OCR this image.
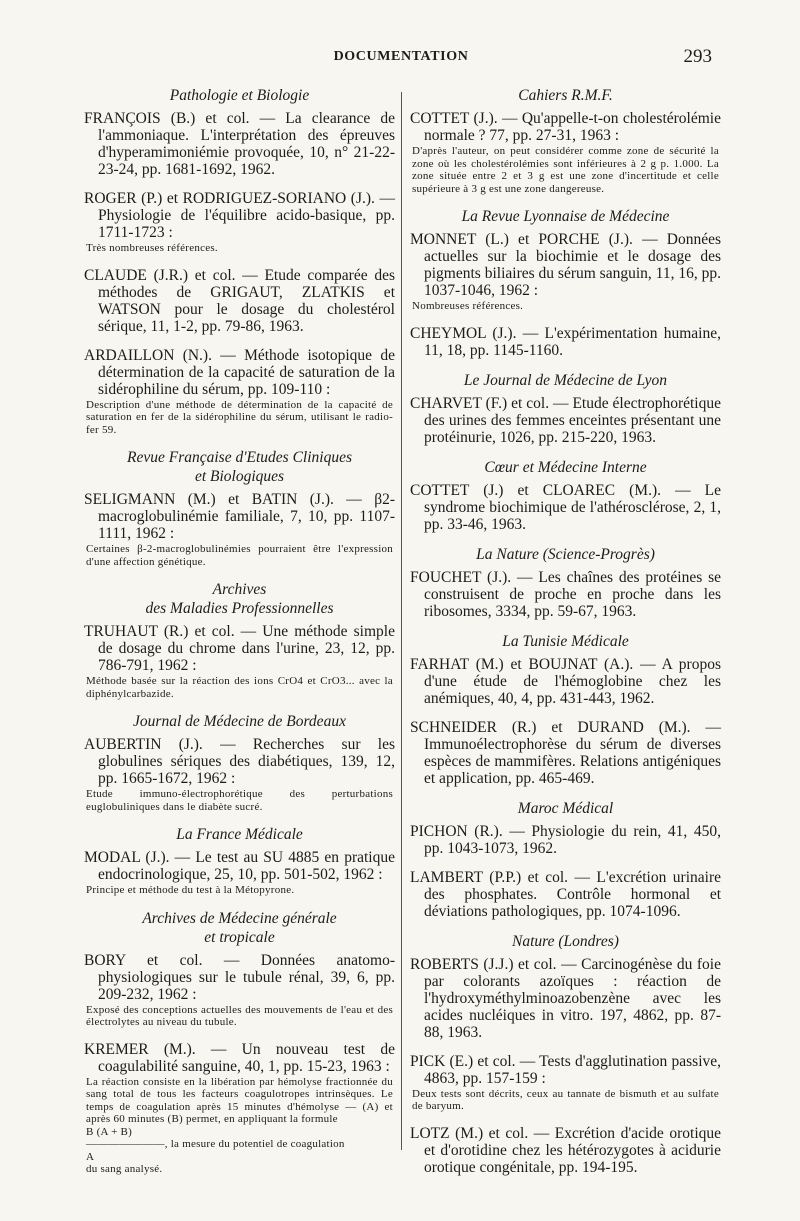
DOCUMENTATION	293
Pathologie et Biologie
FRANÇOIS (B.) et col. — La clearance de l'ammoniaque. L'interprétation des épreuves d'hyperamimoniémie provoquée, 10, n° 21-22-23-24, pp. 1681-1692, 1962.
ROGER (P.) et RODRIGUEZ-SORIANO (J.). — Physiologie de l'équilibre acido-basique, pp. 1711-1723 :
Très nombreuses références.
CLAUDE (J.R.) et col. — Etude comparée des méthodes de GRIGAUT, ZLATKIS et WATSON pour le dosage du cholestérol sérique, 11, 1-2, pp. 79-86, 1963.
ARDAILLON (N.). — Méthode isotopique de détermination de la capacité de saturation de la sidérophiline du sérum, pp. 109-110 :
Description d'une méthode de détermination de la capacité de saturation en fer de la sidérophiline du sérum, utilisant le radio-fer 59.
Revue Française d'Etudes Cliniques
et Biologiques
SELIGMANN (M.) et BATIN (J.). — β2-macroglobulinémie familiale, 7, 10, pp. 1107-1111, 1962 :
Certaines β-2-macroglobulinémies pourraient être l'expression d'une affection génétique.
Archives
des Maladies Professionnelles
TRUHAUT (R.) et col. — Une méthode simple de dosage du chrome dans l'urine, 23, 12, pp. 786-791, 1962 :
Méthode basée sur la réaction des ions CrO4 et CrO3... avec la diphénylcarbazide.
Journal de Médecine de Bordeaux
AUBERTIN (J.). — Recherches sur les globulines sériques des diabétiques, 139, 12, pp. 1665-1672, 1962 :
Etude immuno-électrophorétique des perturbations euglobuliniques dans le diabète sucré.
La France Médicale
MODAL (J.). — Le test au SU 4885 en pratique endocrinologique, 25, 10, pp. 501-502, 1962 :
Principe et méthode du test à la Métopyrone.
Archives de Médecine générale
et tropicale
BORY et col. — Données anatomo-physiologiques sur le tubule rénal, 39, 6, pp. 209-232, 1962 :
Exposé des conceptions actuelles des mouvements de l'eau et des électrolytes au niveau du tubule.
KREMER (M.). — Un nouveau test de coagulabilité sanguine, 40, 1, pp. 15-23, 1963 :
La réaction consiste en la libération par hémolyse fractionnée du sang total de tous les facteurs coagulotropes intrinsèques. Le temps de coagulation après 15 minutes d'hémolyse — (A) et après 60 minutes (B) permet, en appliquant la formule
B (A + B)
———————, la mesure du potentiel de coagulation
A
du sang analysé.
Cahiers R.M.F.
COTTET (J.). — Qu'appelle-t-on cholestérolémie normale ? 77, pp. 27-31, 1963 :
D'après l'auteur, on peut considérer comme zone de sécurité la zone où les cholestérolémies sont inférieures à 2 g p. 1.000. La zone située entre 2 et 3 g est une zone d'incertitude et celle supérieure à 3 g est une zone dangereuse.
La Revue Lyonnaise de Médecine
MONNET (L.) et PORCHE (J.). — Données actuelles sur la biochimie et le dosage des pigments biliaires du sérum sanguin, 11, 16, pp. 1037-1046, 1962 :
Nombreuses références.
CHEYMOL (J.). — L'expérimentation humaine, 11, 18, pp. 1145-1160.
Le Journal de Médecine de Lyon
CHARVET (F.) et col. — Etude électrophorétique des urines des femmes enceintes présentant une protéinurie, 1026, pp. 215-220, 1963.
Cœur et Médecine Interne
COTTET (J.) et CLOAREC (M.). — Le syndrome biochimique de l'athérosclérose, 2, 1, pp. 33-46, 1963.
La Nature (Science-Progrès)
FOUCHET (J.). — Les chaînes des protéines se construisent de proche en proche dans les ribosomes, 3334, pp. 59-67, 1963.
La Tunisie Médicale
FARHAT (M.) et BOUJNAT (A.). — A propos d'une étude de l'hémoglobine chez les anémiques, 40, 4, pp. 431-443, 1962.
SCHNEIDER (R.) et DURAND (M.). — Immunoélectrophorèse du sérum de diverses espèces de mammifères. Relations antigéniques et application, pp. 465-469.
Maroc Médical
PICHON (R.). — Physiologie du rein, 41, 450, pp. 1043-1073, 1962.
LAMBERT (P.P.) et col. — L'excrétion urinaire des phosphates. Contrôle hormonal et déviations pathologiques, pp. 1074-1096.
Nature (Londres)
ROBERTS (J.J.) et col. — Carcinogénèse du foie par colorants azoïques : réaction de l'hydroxyméthylminoazobenzène avec les acides nucléiques in vitro. 197, 4862, pp. 87-88, 1963.
PICK (E.) et col. — Tests d'agglutination passive, 4863, pp. 157-159 :
Deux tests sont décrits, ceux au tannate de bismuth et au sulfate de baryum.
LOTZ (M.) et col. — Excrétion d'acide orotique et d'orotidine chez les hétérozygotes à acidurie orotique congénitale, pp. 194-195.
